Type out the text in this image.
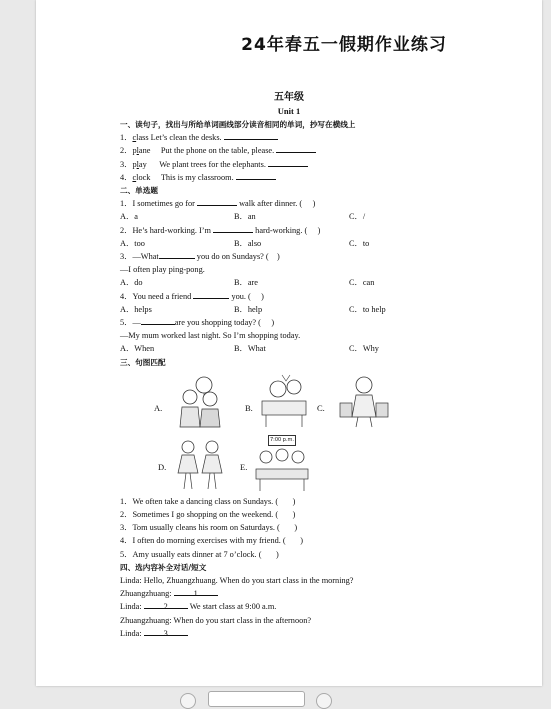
24年春五一假期作业练习
五年级
Unit 1
一、读句子，找出与所给单词画线部分读音相同的单词，抄写在横线上
1．class Let’s clean the desks.
2．plane Put the phone on the table, please.
3．play We plant trees for the elephants.
4．clock This is my classroom.
二、单选题
1．I sometimes go for	walk after dinner. ( )
A．a	B．an	C．/
2．He’s hard-working. I’m	hard-working. ( )
A．too	B．also	C．to
3．—What	you do on Sundays? ( )
—I often play ping-pong.
A．do	B．are	C．can
4．You need a friend	you. ( )
A．helps	B．help	C．to help
5．—	are you shopping today? ( )
—My mum worked last night. So I’m shopping today.
A．When	B．What	C．Why
三、句图匹配
A.	B.	C.
D.	E.
7:00 p.m.
1．We often take a dancing class on Sundays. ( )
2．Sometimes I go shopping on the weekend. ( )
3．Tom usually cleans his room on Saturdays. ( )
4．I often do morning exercises with my friend. ( )
5．Amy usually eats dinner at 7 o’clock. ( )
四、选内容补全对话/短文
Linda: Hello, Zhuangzhuang. When do you start class in the morning?
Zhuangzhuang:	1
Linda:	2	We start class at 9:00 a.m.
Zhuangzhuang: When do you start class in the afternoon?
Linda:	3
